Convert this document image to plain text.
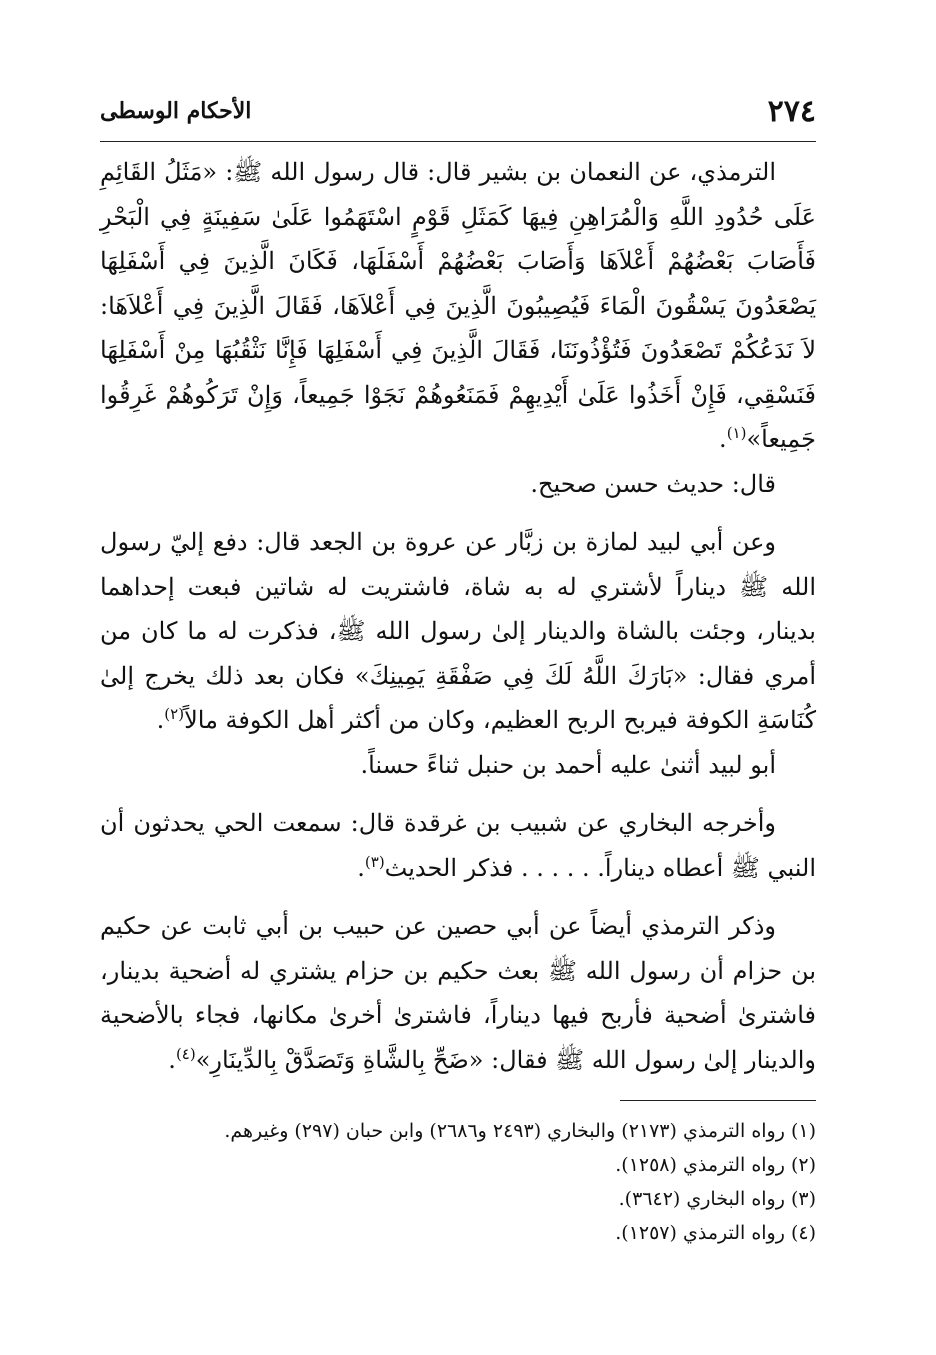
٢٧٤
الأحكام الوسطى

الترمذي، عن النعمان بن بشير قال: قال رسول الله ﷺ: «مَثَلُ القَائِمِ عَلَى حُدُودِ اللَّهِ وَالْمُرَاهِنِ فِيهَا كَمَثَلِ قَوْمٍ اسْتَهَمُوا عَلَىٰ سَفِينَةٍ فِي الْبَحْرِ فَأَصَابَ بَعْضُهُمْ أَعْلاَهَا وَأَصَابَ بَعْضُهُمْ أَسْفَلَهَا، فَكَانَ الَّذِينَ فِي أَسْفَلِهَا يَصْعَدُونَ يَسْقُونَ الْمَاءَ فَيُصِيبُونَ الَّذِينَ فِي أَعْلاَهَا، فَقَالَ الَّذِينَ فِي أَعْلاَهَا: لاَ نَدَعُكُمْ تَصْعَدُونَ فَتُؤْذُونَنَا، فَقَالَ الَّذِينَ فِي أَسْفَلِهَا فَإِنَّا نَثْقُبُهَا مِنْ أَسْفَلِهَا فَنَسْقِي، فَإِنْ أَخَذُوا عَلَىٰ أَيْدِيهِمْ فَمَنَعُوهُمْ نَجَوْا جَمِيعاً، وَإِنْ تَرَكُوهُمْ غَرِقُوا جَمِيعاً»$^{(١)}$.

قال: حديث حسن صحيح.

وعن أبي لبيد لمازة بن زبَّار عن عروة بن الجعد قال: دفع إليّ رسول الله ﷺ ديناراً لأشتري له به شاة، فاشتريت له شاتين فبعت إحداهما بدينار، وجئت بالشاة والدينار إلىٰ رسول الله ﷺ، فذكرت له ما كان من أمري فقال: «بَارَكَ اللَّهُ لَكَ فِي صَفْقَةِ يَمِينِكَ» فكان بعد ذلك يخرج إلىٰ كُنَاسَةِ الكوفة فيربح الربح العظيم، وكان من أكثر أهل الكوفة مالاً$^{(٢)}$.

أبو لبيد أثنىٰ عليه أحمد بن حنبل ثناءً حسناً.

وأخرجه البخاري عن شبيب بن غرقدة قال: سمعت الحي يحدثون أن النبي ﷺ أعطاه ديناراً. . . . . . فذكر الحديث$^{(٣)}$.

وذكر الترمذي أيضاً عن أبي حصين عن حبيب بن أبي ثابت عن حكيم بن حزام أن رسول الله ﷺ بعث حكيم بن حزام يشتري له أضحية بدينار، فاشترىٰ أضحية فأربح فيها ديناراً، فاشترىٰ أخرىٰ مكانها، فجاء بالأضحية والدينار إلىٰ رسول الله ﷺ فقال: «ضَحِّ بِالشَّاةِ وَتَصَدَّقْ بِالدِّينَارِ»$^{(٤)}$.

(١) رواه الترمذي (٢١٧٣) والبخاري (٢٤٩٣ و٢٦٨٦) وابن حبان (٢٩٧) وغيرهم.

(٢) رواه الترمذي (١٢٥٨).

(٣) رواه البخاري (٣٦٤٢).

(٤) رواه الترمذي (١٢٥٧).
